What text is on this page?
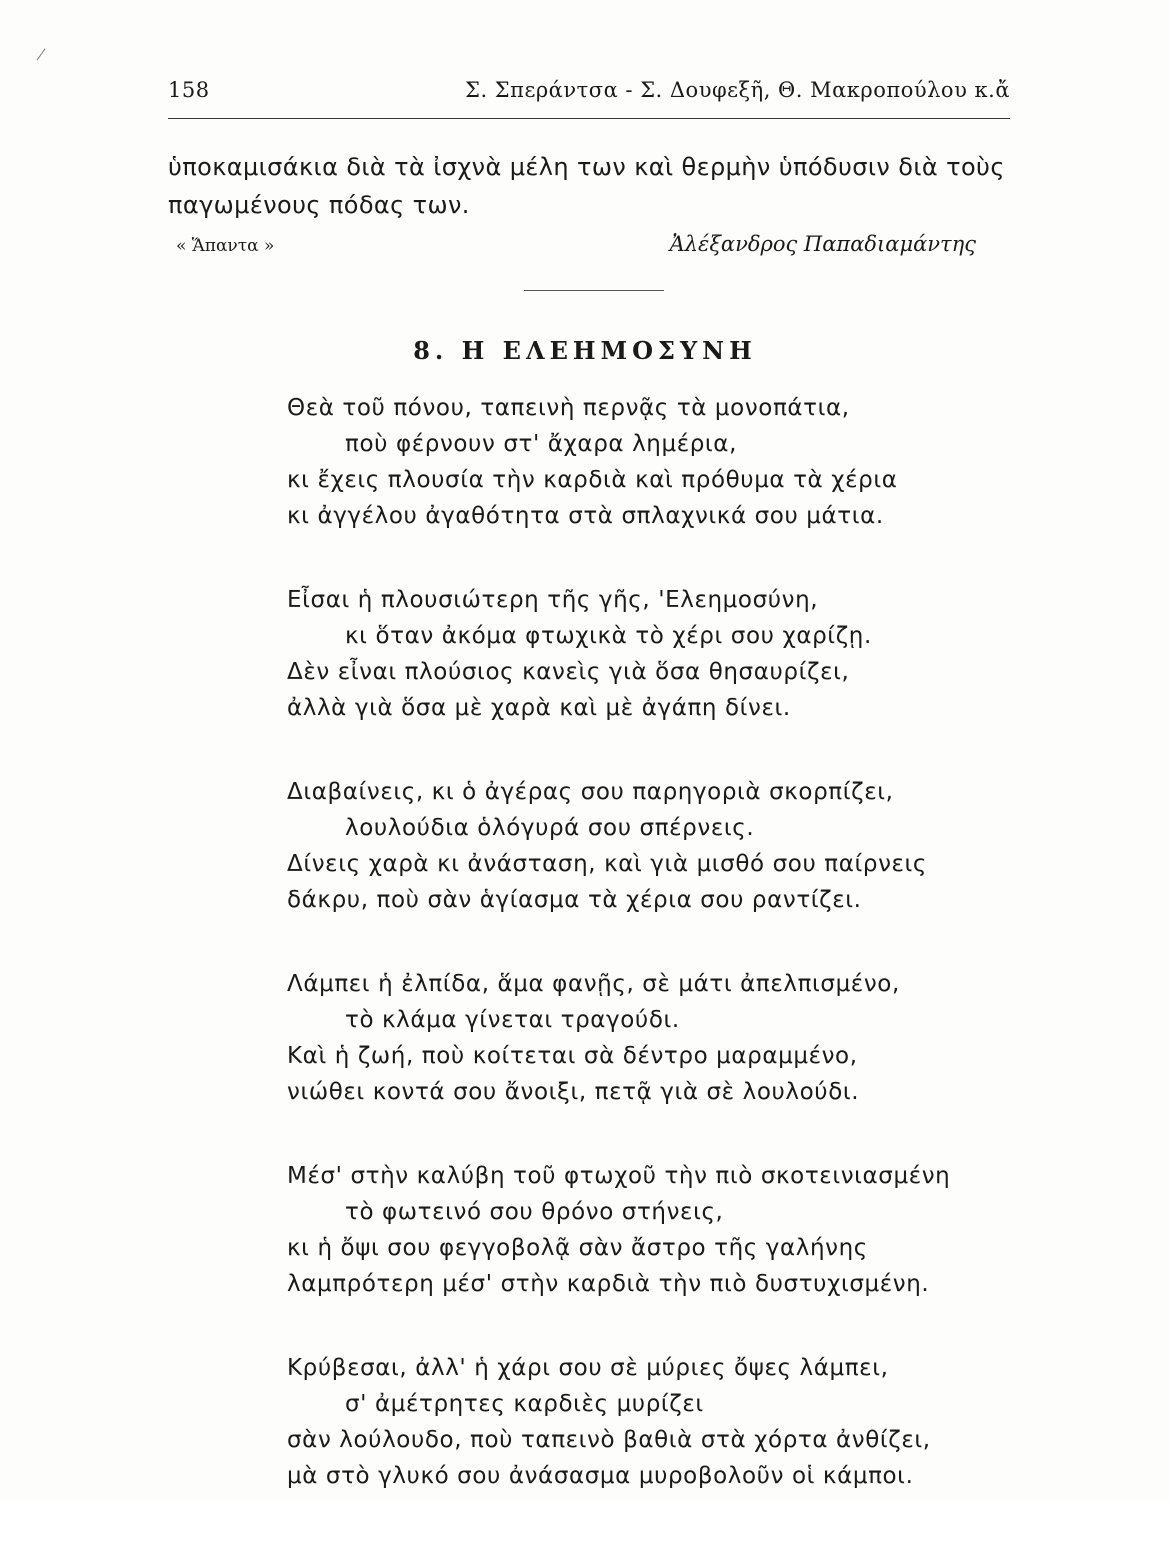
158	Σ. Σπεράντσα - Σ. Δουφεξῆ, Θ. Μακροπούλου κ.ἄ
ὑποκαμισάκια διὰ τὰ ἰσχνὰ μέλη των καὶ θερμὴν ὑπόδυσιν διὰ τοὺς
παγωμένους πόδας των.
« Ἅπαντα »	Ἀλέξανδρος Παπαδιαμάντης
8. Η ΕΛΕΗΜΟΣΥΝΗ
Θεὰ τοῦ πόνου, ταπεινὴ περνᾷς τὰ μονοπάτια,
ποὺ φέρνουν στ' ἄχαρα λημέρια,
κι ἔχεις πλουσία τὴν καρδιὰ καὶ πρόθυμα τὰ χέρια
κι ἀγγέλου ἀγαθότητα στὰ σπλαχνικά σου μάτια.
Εἶσαι ἡ πλουσιώτερη τῆς γῆς, 'Ελεημοσύνη,
κι ὅταν ἀκόμα φτωχικὰ τὸ χέρι σου χαρίζῃ.
Δὲν εἶναι πλούσιος κανεὶς γιὰ ὅσα θησαυρίζει,
ἀλλὰ γιὰ ὅσα μὲ χαρὰ καὶ μὲ ἀγάπη δίνει.
Διαβαίνεις, κι ὁ ἀγέρας σου παρηγοριὰ σκορπίζει,
λουλούδια ὁλόγυρά σου σπέρνεις.
Δίνεις χαρὰ κι ἀνάσταση, καὶ γιὰ μισθό σου παίρνεις
δάκρυ, ποὺ σὰν ἁγίασμα τὰ χέρια σου ραντίζει.
Λάμπει ἡ ἐλπίδα, ἅμα φανῇς, σὲ μάτι ἀπελπισμένο,
τὸ κλάμα γίνεται τραγούδι.
Καὶ ἡ ζωή, ποὺ κοίτεται σὰ δέντρο μαραμμένο,
νιώθει κοντά σου ἄνοιξι, πετᾷ γιὰ σὲ λουλούδι.
Μέσ' στὴν καλύβη τοῦ φτωχοῦ τὴν πιὸ σκοτεινιασμένη
τὸ φωτεινό σου θρόνο στήνεις,
κι ἡ ὄψι σου φεγγοβολᾷ σὰν ἄστρο τῆς γαλήνης
λαμπρότερη μέσ' στὴν καρδιὰ τὴν πιὸ δυστυχισμένη.
Κρύβεσαι, ἀλλ' ἡ χάρι σου σὲ μύριες ὄψες λάμπει,
σ' ἀμέτρητες καρδιὲς μυρίζει
σὰν λούλουδο, ποὺ ταπεινὸ βαθιὰ στὰ χόρτα ἀνθίζει,
μὰ στὸ γλυκό σου ἀνάσασμα μυροβολοῦν οἱ κάμποι.
